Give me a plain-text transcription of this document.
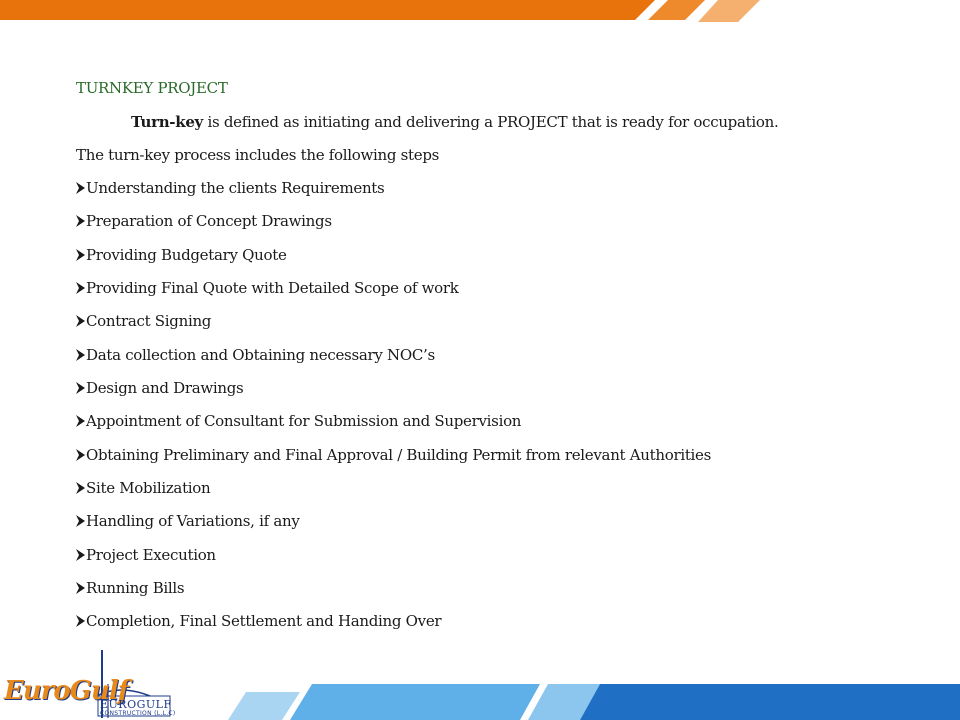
TURNKEY PROJECT
Turn-key is defined as initiating and delivering a PROJECT that is ready for occupation.
The turn-key process includes the following steps
Understanding the clients Requirements
Preparation of Concept Drawings
Providing Budgetary Quote
Providing Final Quote with Detailed Scope of work
Contract Signing
Data collection and Obtaining necessary NOC’s
Design and Drawings
Appointment of Consultant for Submission and Supervision
Obtaining Preliminary and Final Approval / Building Permit from relevant Authorities
Site Mobilization
Handling of Variations, if any
Project Execution
Running Bills
Completion, Final Settlement and Handing Over
EuroGulf
EUROGULF
CONSTRUCTION (L.L.C)
